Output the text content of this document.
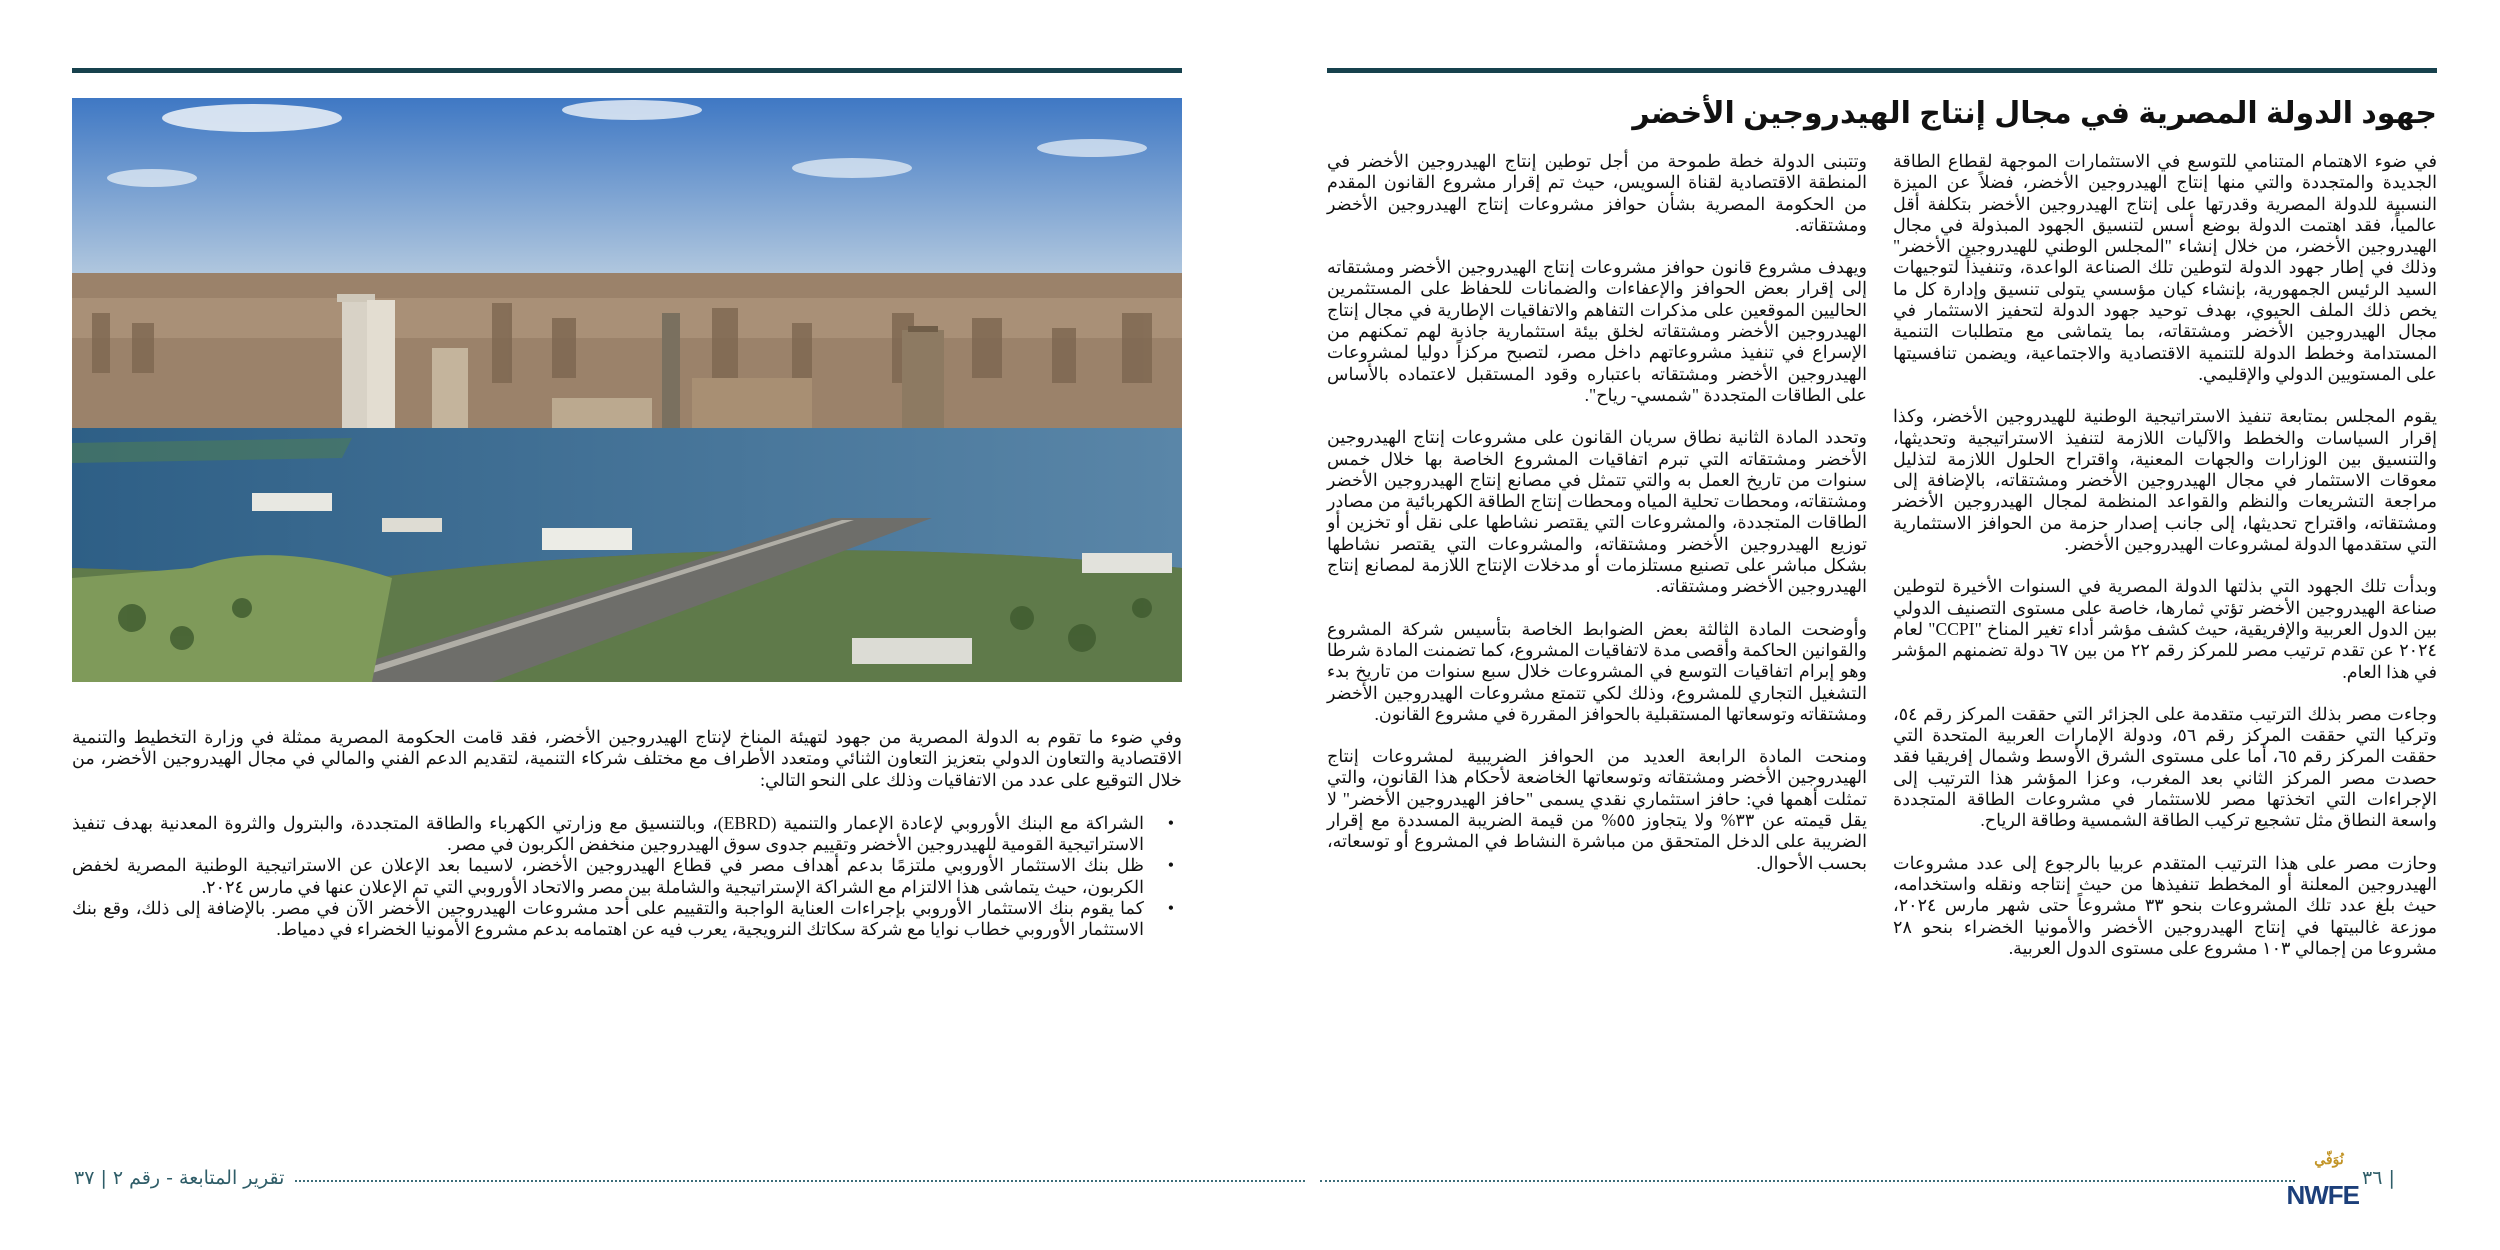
جهود الدولة المصرية في مجال إنتاج الهيدروجين الأخضر

في ضوء الاهتمام المتنامي للتوسع في الاستثمارات الموجهة لقطاع الطاقة الجديدة والمتجددة والتي منها إنتاج الهيدروجين الأخضر، فضلاً عن الميزة النسبية للدولة المصرية وقدرتها على إنتاج الهيدروجين الأخضر بتكلفة أقل عالمياً، فقد اهتمت الدولة بوضع أسس لتنسيق الجهود المبذولة في مجال الهيدروجين الأخضر، من خلال إنشاء "المجلس الوطني للهيدروجين الأخضر" وذلك في إطار جهود الدولة لتوطين تلك الصناعة الواعدة، وتنفيذاً لتوجيهات السيد الرئيس الجمهورية، بإنشاء كيان مؤسسي يتولى تنسيق وإدارة كل ما يخص ذلك الملف الحيوي، بهدف توحيد جهود الدولة لتحفيز الاستثمار في مجال الهيدروجين الأخضر ومشتقاته، بما يتماشى مع متطلبات التنمية المستدامة وخطط الدولة للتنمية الاقتصادية والاجتماعية، ويضمن تنافسيتها على المستويين الدولي والإقليمي.

يقوم المجلس بمتابعة تنفيذ الاستراتيجية الوطنية للهيدروجين الأخضر، وكذا إقرار السياسات والخطط والآليات اللازمة لتنفيذ الاستراتيجية وتحديثها، والتنسيق بين الوزارات والجهات المعنية، واقتراح الحلول اللازمة لتذليل معوقات الاستثمار في مجال الهيدروجين الأخضر ومشتقاته، بالإضافة إلى مراجعة التشريعات والنظم والقواعد المنظمة لمجال الهيدروجين الأخضر ومشتقاته، واقتراح تحديثها، إلى جانب إصدار حزمة من الحوافز الاستثمارية التي ستقدمها الدولة لمشروعات الهيدروجين الأخضر.

وبدأت تلك الجهود التي بذلتها الدولة المصرية في السنوات الأخيرة لتوطين صناعة الهيدروجين الأخضر تؤتي ثمارها، خاصة على مستوى التصنيف الدولي بين الدول العربية والإفريقية، حيث كشف مؤشر أداء تغير المناخ "CCPI" لعام ٢٠٢٤ عن تقدم ترتيب مصر للمركز رقم ٢٢ من بين ٦٧ دولة تضمنهم المؤشر في هذا العام.

وجاءت مصر بذلك الترتيب متقدمة على الجزائر التي حققت المركز رقم ٥٤، وتركيا التي حققت المركز رقم ٥٦، ودولة الإمارات العربية المتحدة التي حققت المركز رقم ٦٥، أما على مستوى الشرق الأوسط وشمال إفريقيا فقد حصدت مصر المركز الثاني بعد المغرب، وعزا المؤشر هذا الترتيب إلى الإجراءات التي اتخذتها مصر للاستثمار في مشروعات الطاقة المتجددة واسعة النطاق مثل تشجيع تركيب الطاقة الشمسية وطاقة الرياح.

وحازت مصر على هذا الترتيب المتقدم عربيا بالرجوع إلى عدد مشروعات الهيدروجين المعلنة أو المخطط تنفيذها من حيث إنتاجه ونقله واستخدامه، حيث بلغ عدد تلك المشروعات بنحو ٣٣ مشروعاً حتى شهر مارس ٢٠٢٤، موزعة غالبيتها في إنتاج الهيدروجين الأخضر والأمونيا الخضراء بنحو ٢٨ مشروعا من إجمالي ١٠٣ مشروع على مستوى الدول العربية.

وتتبنى الدولة خطة طموحة من أجل توطين إنتاج الهيدروجين الأخضر في المنطقة الاقتصادية لقناة السويس، حيث تم إقرار مشروع القانون المقدم من الحكومة المصرية بشأن حوافز مشروعات إنتاج الهيدروجين الأخضر ومشتقاته.

ويهدف مشروع قانون حوافز مشروعات إنتاج الهيدروجين الأخضر ومشتقاته إلى إقرار بعض الحوافز والإعفاءات والضمانات للحفاظ على المستثمرين الحاليين الموقعين على مذكرات التفاهم والاتفاقيات الإطارية في مجال إنتاج الهيدروجين الأخضر ومشتقاته لخلق بيئة استثمارية جاذبة لهم تمكنهم من الإسراع في تنفيذ مشروعاتهم داخل مصر، لتصبح مركزاً دوليا لمشروعات الهيدروجين الأخضر ومشتقاته باعتباره وقود المستقبل لاعتماده بالأساس على الطاقات المتجددة "شمسي- رياح".

وتحدد المادة الثانية نطاق سريان القانون على مشروعات إنتاج الهيدروجين الأخضر ومشتقاته التي تبرم اتفاقيات المشروع الخاصة بها خلال خمس سنوات من تاريخ العمل به والتي تتمثل في مصانع إنتاج الهيدروجين الأخضر ومشتقاته، ومحطات تحلية المياه ومحطات إنتاج الطاقة الكهربائية من مصادر الطاقات المتجددة، والمشروعات التي يقتصر نشاطها على نقل أو تخزين أو توزيع الهيدروجين الأخضر ومشتقاته، والمشروعات التي يقتصر نشاطها بشكل مباشر على تصنيع مستلزمات أو مدخلات الإنتاج اللازمة لمصانع إنتاج الهيدروجين الأخضر ومشتقاته.

وأوضحت المادة الثالثة بعض الضوابط الخاصة بتأسيس شركة المشروع والقوانين الحاكمة وأقصى مدة لاتفاقيات المشروع، كما تضمنت المادة شرطا وهو إبرام اتفاقيات التوسع في المشروعات خلال سبع سنوات من تاريخ بدء التشغيل التجاري للمشروع، وذلك لكي تتمتع مشروعات الهيدروجين الأخضر ومشتقاته وتوسعاتها المستقبلية بالحوافز المقررة في مشروع القانون.

ومنحت المادة الرابعة العديد من الحوافز الضريبية لمشروعات إنتاج الهيدروجين الأخضر ومشتقاته وتوسعاتها الخاضعة لأحكام هذا القانون، والتي تمثلت أهمها في: حافز استثماري نقدي يسمى "حافز الهيدروجين الأخضر" لا يقل قيمته عن ٣٣% ولا يتجاوز ٥٥% من قيمة الضريبة المسددة مع إقرار الضريبة على الدخل المتحقق من مباشرة النشاط في المشروع أو توسعاته، بحسب الأحوال.

وفي ضوء ما تقوم به الدولة المصرية من جهود لتهيئة المناخ لإنتاج الهيدروجين الأخضر، فقد قامت الحكومة المصرية ممثلة في وزارة التخطيط والتنمية الاقتصادية والتعاون الدولي بتعزيز التعاون الثنائي ومتعدد الأطراف مع مختلف شركاء التنمية، لتقديم الدعم الفني والمالي في مجال الهيدروجين الأخضر، من خلال التوقيع على عدد من الاتفاقيات وذلك على النحو التالي:

• الشراكة مع البنك الأوروبي لإعادة الإعمار والتنمية (EBRD)، وبالتنسيق مع وزارتي الكهرباء والطاقة المتجددة، والبترول والثروة المعدنية بهدف تنفيذ الاستراتيجية القومية للهيدروجين الأخضر وتقييم جدوى سوق الهيدروجين منخفض الكربون في مصر.
• ظل بنك الاستثمار الأوروبي ملتزمًا بدعم أهداف مصر في قطاع الهيدروجين الأخضر، لاسيما بعد الإعلان عن الاستراتيجية الوطنية المصرية لخفض الكربون، حيث يتماشى هذا الالتزام مع الشراكة الإستراتيجية والشاملة بين مصر والاتحاد الأوروبي التي تم الإعلان عنها في مارس ٢٠٢٤.
• كما يقوم بنك الاستثمار الأوروبي بإجراءات العناية الواجبة والتقييم على أحد مشروعات الهيدروجين الأخضر الآن في مصر. بالإضافة إلى ذلك، وقع بنك الاستثمار الأوروبي خطاب نوايا مع شركة سكاتك النرويجية، يعرب فيه عن اهتمامه بدعم مشروع الأمونيا الخضراء في دمياط.
تقرير المتابعة - رقم ٢ | ٣٧	| ٣٦
نُوَفّي
NWFE
